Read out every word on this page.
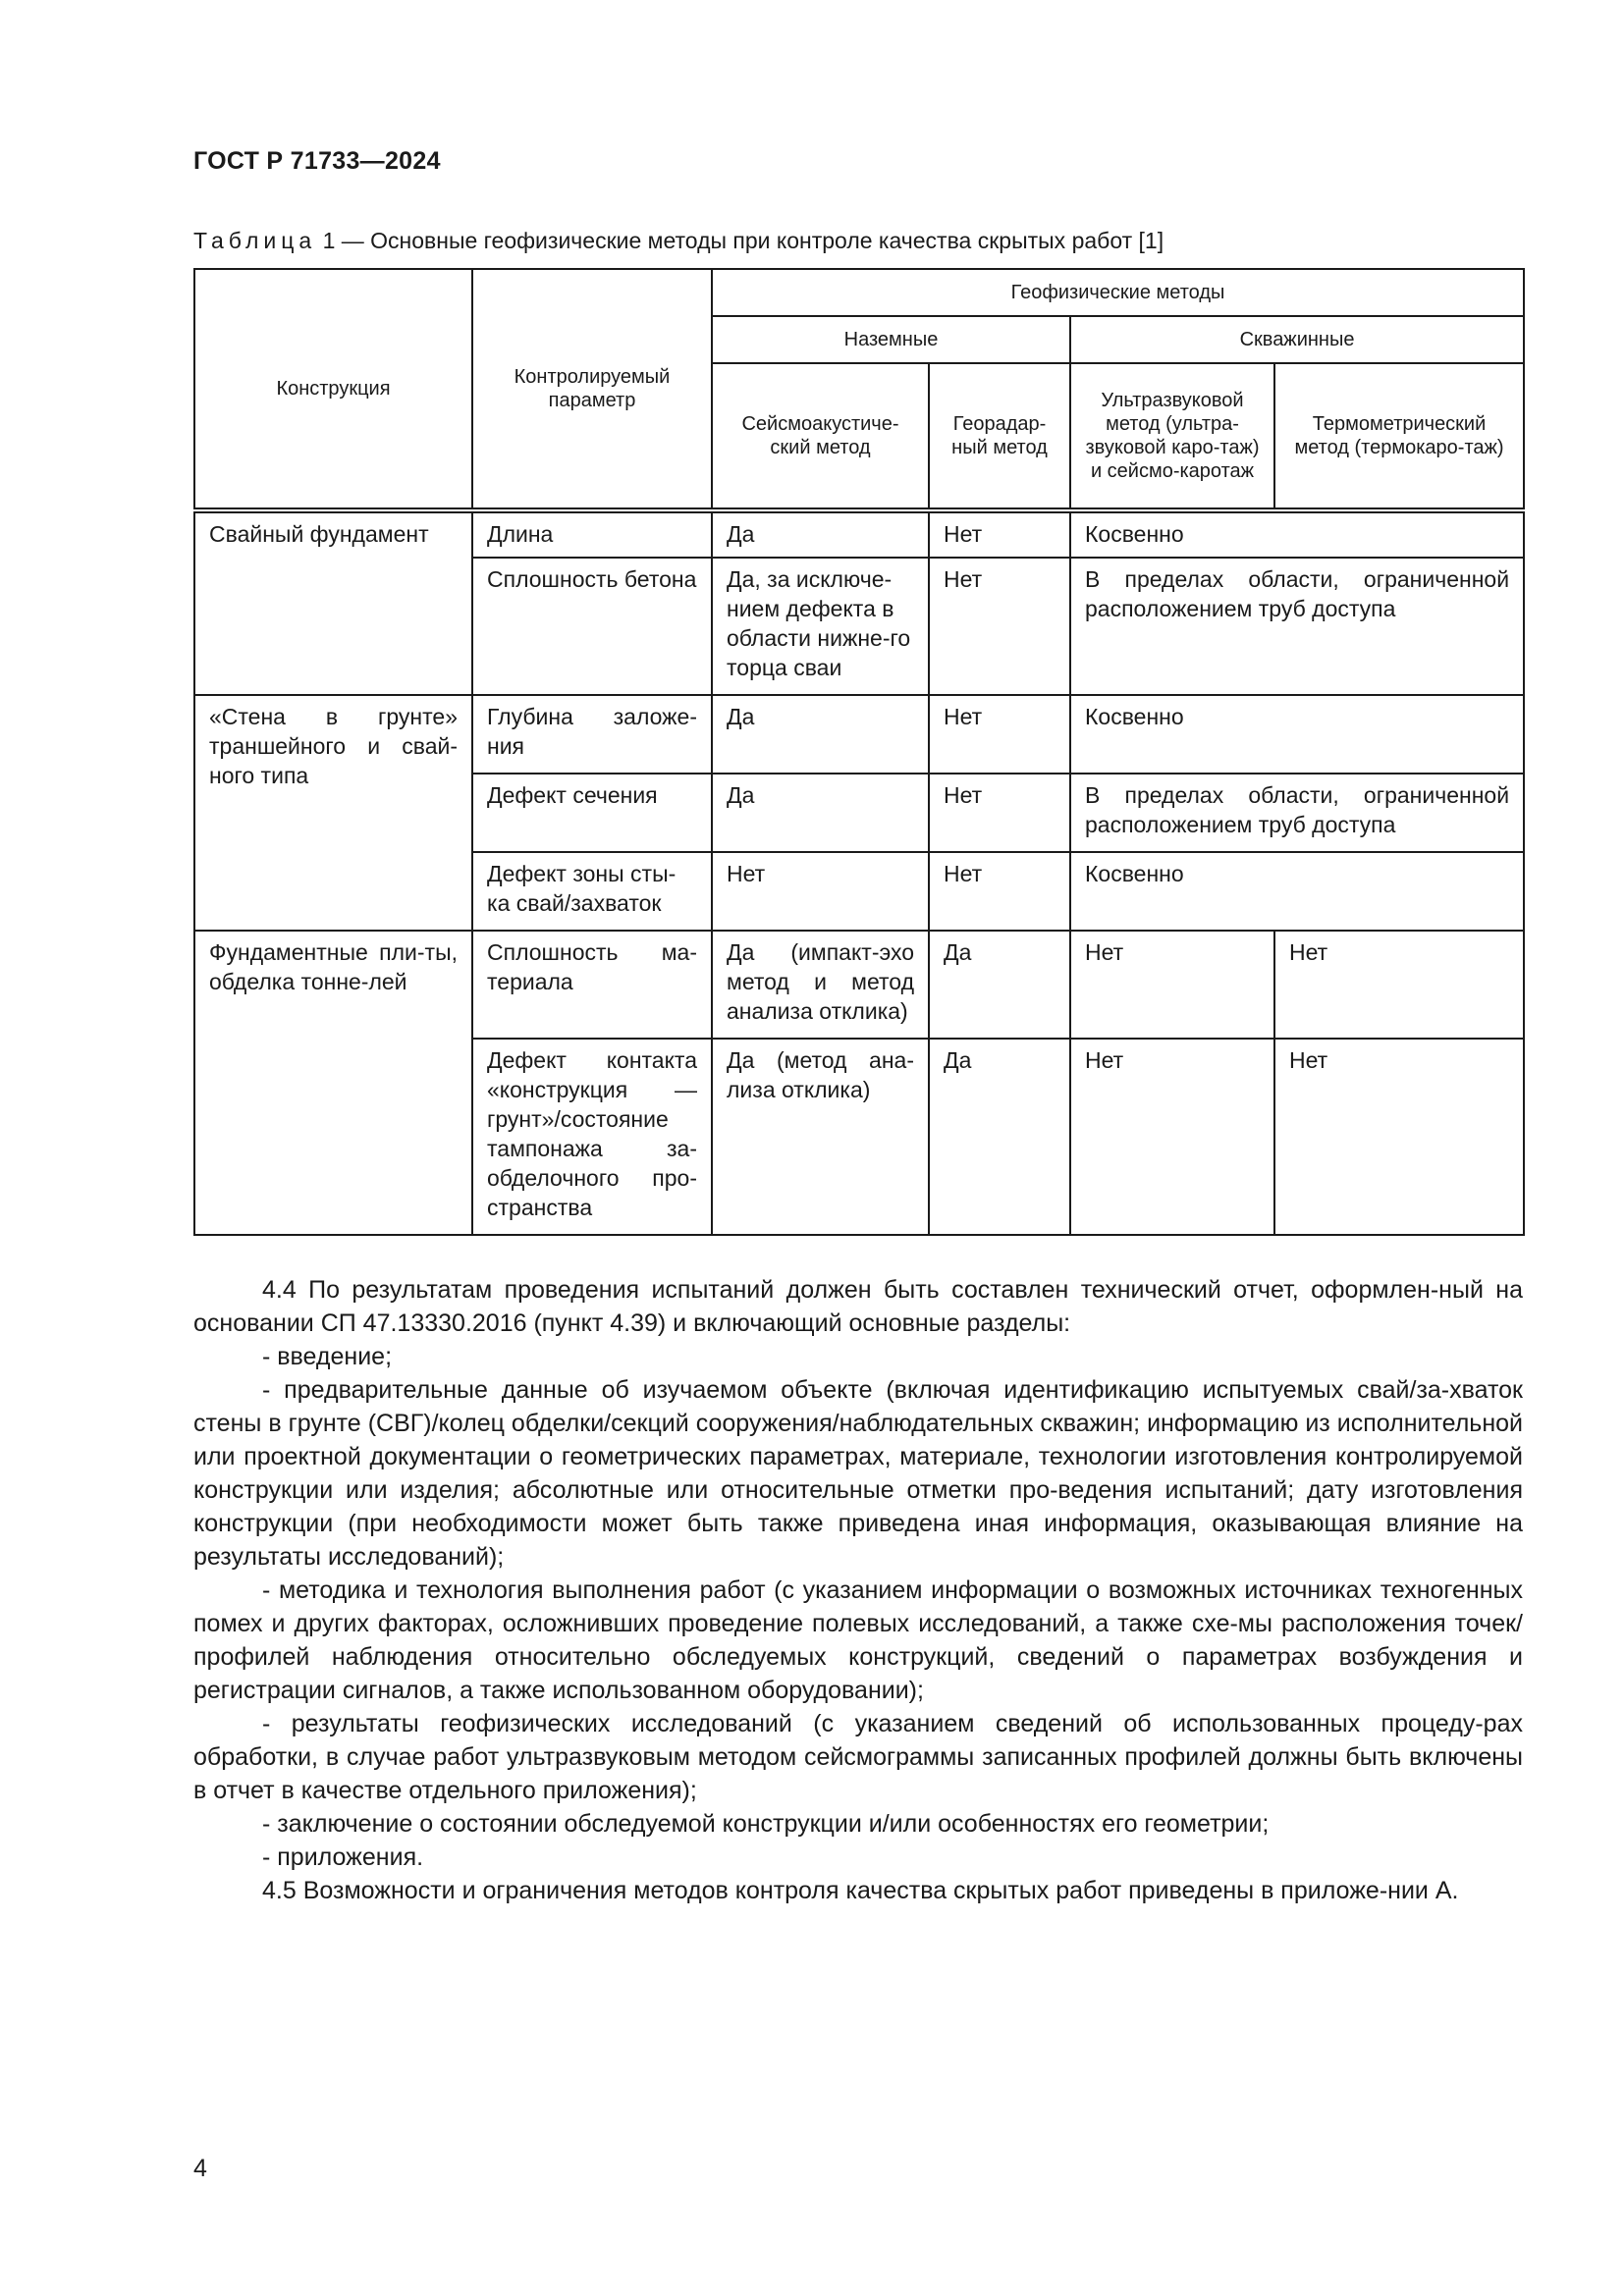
ГОСТ Р 71733—2024
Таблица 1 — Основные геофизические методы при контроле качества скрытых работ [1]
Конструкция	Контролируемый параметр	Геофизические методы			
		Наземные		Скважинные	
		Сейсмоакустиче-ский метод	Георадар-ный метод	Ультразвуковой метод (ультра-звуковой каро-таж) и сейсмо-каротаж	Термометрический метод (термокаро-таж)
Свайный фундамент	Длина	Да	Нет	Косвенно	
	Сплошность бетона	Да, за исключе-нием дефекта в области нижне-го торца сваи	Нет	В пределах области, ограниченной расположением труб доступа	
«Стена в грунте» траншейного и свай-ного типа	Глубина заложе-ния	Да	Нет	Косвенно	
	Дефект сечения	Да	Нет	В пределах области, ограниченной расположением труб доступа	
	Дефект зоны сты-ка свай/захваток	Нет	Нет	Косвенно	
Фундаментные пли-ты, обделка тонне-лей	Сплошность ма-териала	Да (импакт-эхо метод и метод анализа отклика)	Да	Нет	Нет
	Дефект контакта «конструкция — грунт»/состояние тампонажа за-обделочного про-странства	Да (метод ана-лиза отклика)	Да	Нет	Нет

4.4 По результатам проведения испытаний должен быть составлен технический отчет, оформлен-ный на основании СП 47.13330.2016 (пункт 4.39) и включающий основные разделы:

- введение;

- предварительные данные об изучаемом объекте (включая идентификацию испытуемых свай/за-хваток стены в грунте (СВГ)/колец обделки/секций сооружения/наблюдательных скважин; информацию из исполнительной или проектной документации о геометрических параметрах, материале, технологии изготовления контролируемой конструкции или изделия; абсолютные или относительные отметки про-ведения испытаний; дату изготовления конструкции (при необходимости может быть также приведена иная информация, оказывающая влияние на результаты исследований);

- методика и технология выполнения работ (с указанием информации о возможных источниках техногенных помех и других факторах, осложнивших проведение полевых исследований, а также схе-мы расположения точек/профилей наблюдения относительно обследуемых конструкций, сведений о параметрах возбуждения и регистрации сигналов, а также использованном оборудовании);

- результаты геофизических исследований (с указанием сведений об использованных процеду-рах обработки, в случае работ ультразвуковым методом сейсмограммы записанных профилей должны быть включены в отчет в качестве отдельного приложения);

- заключение о состоянии обследуемой конструкции и/или особенностях его геометрии;

- приложения.

4.5 Возможности и ограничения методов контроля качества скрытых работ приведены в приложе-нии А.

4
